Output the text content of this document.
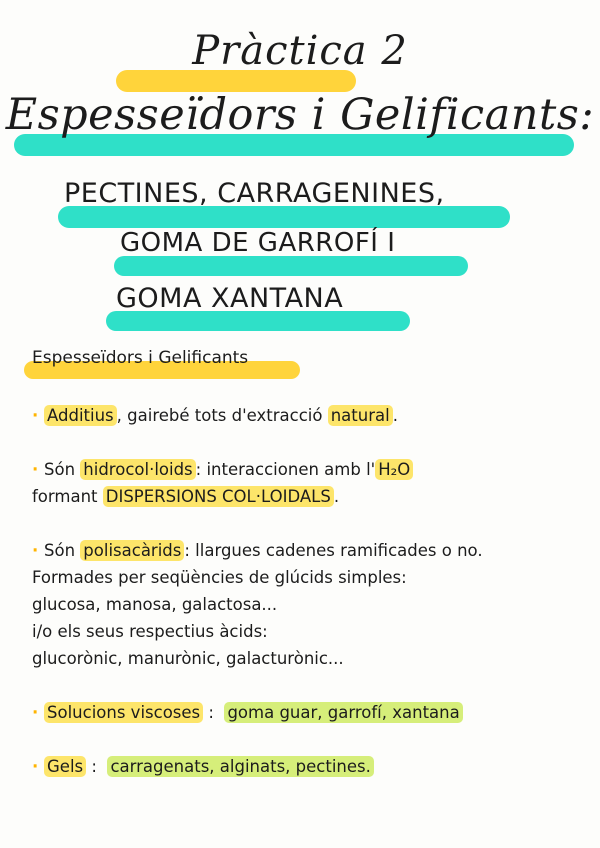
Pràctica 2
Espesseïdors i Gelificants:
PECTINES, CARRAGENINES,
GOMA DE GARROFÍ I
GOMA XANTANA
Espesseïdors i Gelificants
· Additius , gairebé tots d'extracció natural .
· Són hidrocol·loids : interaccionen amb l' H₂O
formant DISPERSIONS COL·LOIDALS .
· Són polisacàrids : llargues cadenes ramificades o no.
Formades per seqüències de glúcids simples:
glucosa, manosa, galactosa...
i/o els seus respectius àcids:
glucorònic, manurònic, galacturònic...
· Solucions viscoses : goma guar, garrofí, xantana
· Gels : carragenats, alginats, pectines.
